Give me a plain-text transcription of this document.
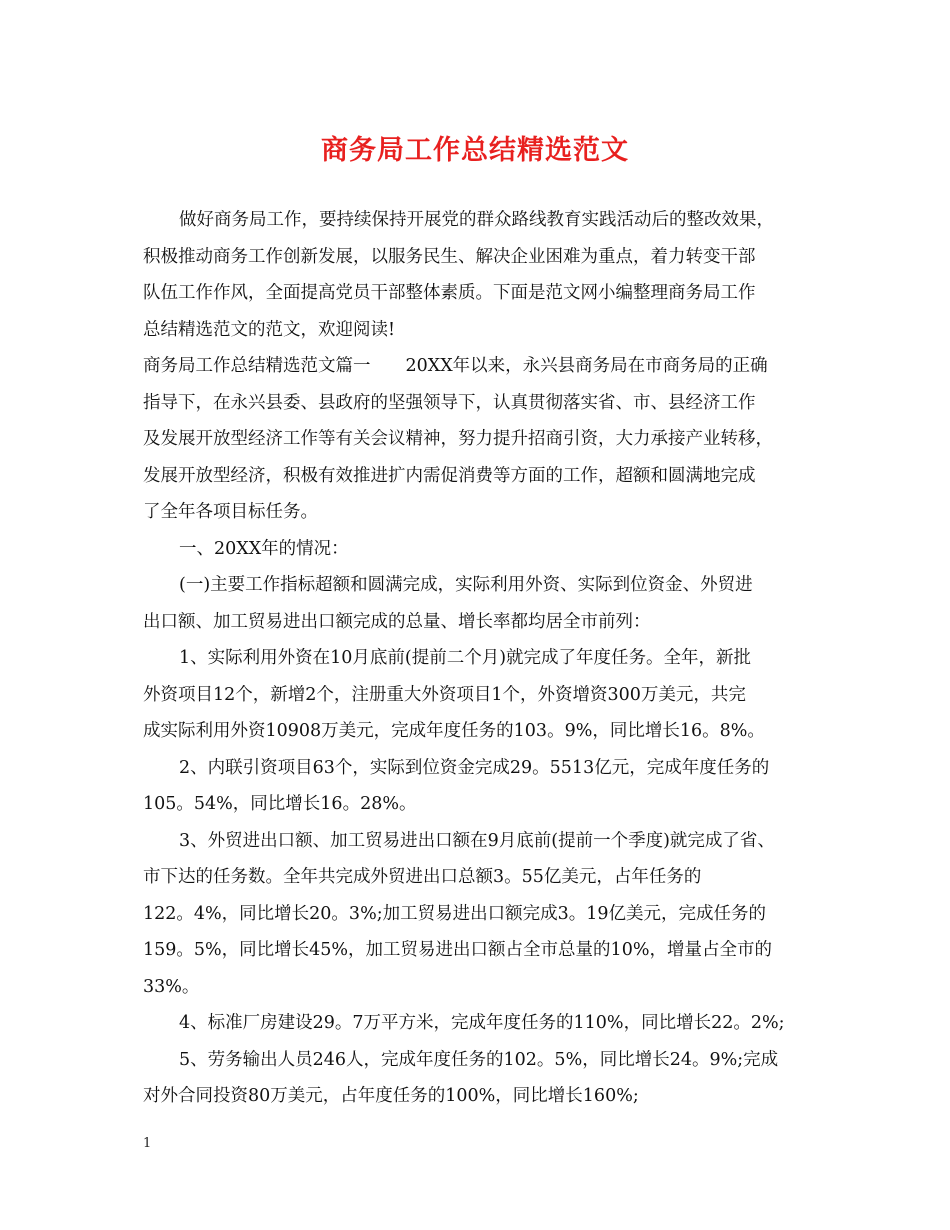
商务局工作总结精选范文
做好商务局工作，要持续保持开展党的群众路线教育实践活动后的整改效果，
积极推动商务工作创新发展，以服务民生、解决企业困难为重点，着力转变干部
队伍工作作风，全面提高党员干部整体素质。下面是范文网小编整理商务局工作
总结精选范文的范文，欢迎阅读!
商务局工作总结精选范文篇一　　20XX年以来，永兴县商务局在市商务局的正确
指导下，在永兴县委、县政府的坚强领导下，认真贯彻落实省、市、县经济工作
及发展开放型经济工作等有关会议精神，努力提升招商引资，大力承接产业转移，
发展开放型经济，积极有效推进扩内需促消费等方面的工作，超额和圆满地完成
了全年各项目标任务。
一、20XX年的情况：
(一)主要工作指标超额和圆满完成，实际利用外资、实际到位资金、外贸进
出口额、加工贸易进出口额完成的总量、增长率都均居全市前列：
1、实际利用外资在10月底前(提前二个月)就完成了年度任务。全年，新批
外资项目12个，新增2个，注册重大外资项目1个，外资增资300万美元，共完
成实际利用外资10908万美元，完成年度任务的103。9%，同比增长16。8%。
2、内联引资项目63个，实际到位资金完成29。5513亿元，完成年度任务的
105。54%，同比增长16。28%。
3、外贸进出口额、加工贸易进出口额在9月底前(提前一个季度)就完成了省、
市下达的任务数。全年共完成外贸进出口总额3。55亿美元，占年任务的
122。4%，同比增长20。3%;加工贸易进出口额完成3。19亿美元，完成任务的
159。5%，同比增长45%，加工贸易进出口额占全市总量的10%，增量占全市的
33%。
4、标准厂房建设29。7万平方米，完成年度任务的110%，同比增长22。2%;
5、劳务输出人员246人，完成年度任务的102。5%，同比增长24。9%;完成
对外合同投资80万美元，占年度任务的100%，同比增长160%;
1
